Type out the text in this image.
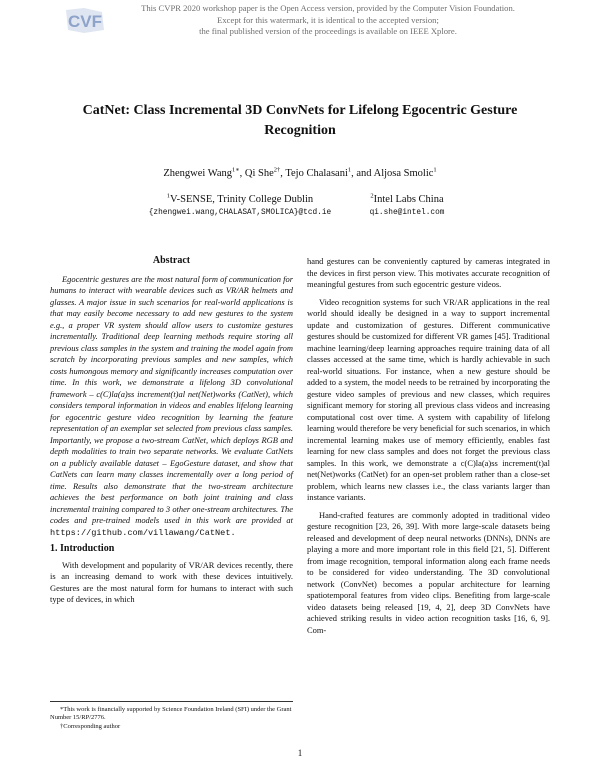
CVF
This CVPR 2020 workshop paper is the Open Access version, provided by the Computer Vision Foundation.
Except for this watermark, it is identical to the accepted version;
the final published version of the proceedings is available on IEEE Xplore.
CatNet: Class Incremental 3D ConvNets for Lifelong Egocentric Gesture
Recognition
Zhengwei Wang$^{1∗}$, Qi She$^{2\dagger}$, Tejo Chalasani$^1$, and Aljosa Smolic$^1$
$^1$V-SENSE, Trinity College Dublin
{zhengwei.wang,CHALASAT,SMOLICA}@tcd.ie
$^2$Intel Labs China
qi.she@intel.com
Abstract

Egocentric gestures are the most natural form of communication for humans to interact with wearable devices such as VR/AR helmets and glasses. A major issue in such scenarios for real-world applications is that may easily become necessary to add new gestures to the system e.g., a proper VR system should allow users to customize gestures incrementally. Traditional deep learning methods require storing all previous class samples in the system and training the model again from scratch by incorporating previous samples and new samples, which costs humongous memory and significantly increases computation over time. In this work, we demonstrate a lifelong 3D convolutional framework – c(C)la(a)ss increment(t)al net(Net)works (CatNet), which considers temporal information in videos and enables lifelong learning for egocentric gesture video recognition by learning the feature representation of an exemplar set selected from previous class samples. Importantly, we propose a two-stream CatNet, which deploys RGB and depth modalities to train two separate networks. We evaluate CatNets on a publicly available dataset – EgoGesture dataset, and show that CatNets can learn many classes incrementally over a long period of time. Results also demonstrate that the two-stream architecture achieves the best performance on both joint training and class incremental training compared to 3 other one-stream architectures. The codes and pre-trained models used in this work are provided at https://github.com/villawang/CatNet.

1. Introduction

With development and popularity of VR/AR devices recently, there is an increasing demand to work with these devices intuitively. Gestures are the most natural form for humans to interact with such type of devices, in which

hand gestures can be conveniently captured by cameras integrated in the devices in first person view. This motivates accurate recognition of meaningful gestures from such egocentric gesture videos.

Video recognition systems for such VR/AR applications in the real world should ideally be designed in a way to support incremental update and customization of gestures. Different communicative gestures should be customized for different VR games [45]. Traditional machine learning/deep learning approaches require training data of all classes accessed at the same time, which is hardly achievable in such real-world situations. For instance, when a new gesture should be added to a system, the model needs to be retrained by incorporating the gesture video samples of previous and new classes, which requires significant memory for storing all previous class videos and increasing computational cost over time. A system with capability of lifelong learning would therefore be very beneficial for such scenarios, in which incremental learning makes use of memory efficiently, enables fast learning for new class samples and does not forget the previous class samples. In this work, we demonstrate a c(C)la(a)ss increment(t)al net(Net)works (CatNet) for an open-set problem rather than a close-set problem, which learns new classes i.e., the class variants larger than instance variants.

Hand-crafted features are commonly adopted in traditional video gesture recognition [23, 26, 39]. With more large-scale datasets being released and development of deep neural networks (DNNs), DNNs are playing a more and more important role in this field [21, 5]. Different from image recognition, temporal information along each frame needs to be considered for video understanding. The 3D convolutional network (ConvNet) becomes a popular architecture for learning spatiotemporal features from video clips. Benefiting from large-scale video datasets being released [19, 4, 2], deep 3D ConvNets have achieved striking results in video action recognition tasks [16, 6, 9]. Com-

*This work is financially supported by Science Foundation Ireland (SFI) under the Grant Number 15/RP/2776.

†Corresponding author

1
